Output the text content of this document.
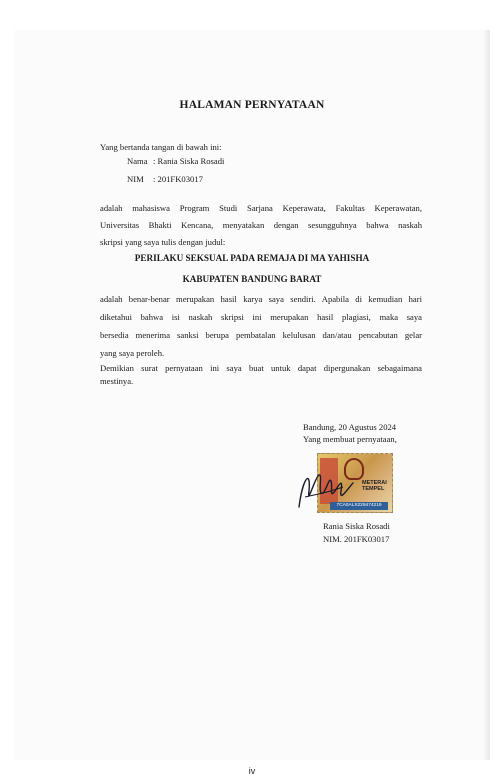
HALAMAN PERNYATAAN
Yang bertanda tangan di bawah ini:
Nama : Rania Siska Rosadi
NIM : 201FK03017
adalah mahasiswa Program Studi Sarjana Keperawata, Fakultas Keperawatan,
Universitas Bhakti Kencana, menyatakan dengan sesungguhnya bahwa naskah
skripsi yang saya tulis dengan judul:
PERILAKU SEKSUAL PADA REMAJA DI MA YAHISHA
KABUPATEN BANDUNG BARAT
adalah benar-benar merupakan hasil karya saya sendiri. Apabila di kemudian hari
diketahui bahwa isi naskah skripsi ini merupakan hasil plagiasi, maka saya
bersedia menerima sanksi berupa pembatalan kelulusan dan/atau pencabutan gelar
yang saya peroleh.
Demikian surat pernyataan ini saya buat untuk dapat dipergunakan sebagaimana
mestinya.
Bandung, 20 Agustus 2024
Yang membuat pernyataan,
METERAI
TEMPEL
7CA0ALX229474219
Rania Siska Rosadi
NIM. 201FK03017
iv
